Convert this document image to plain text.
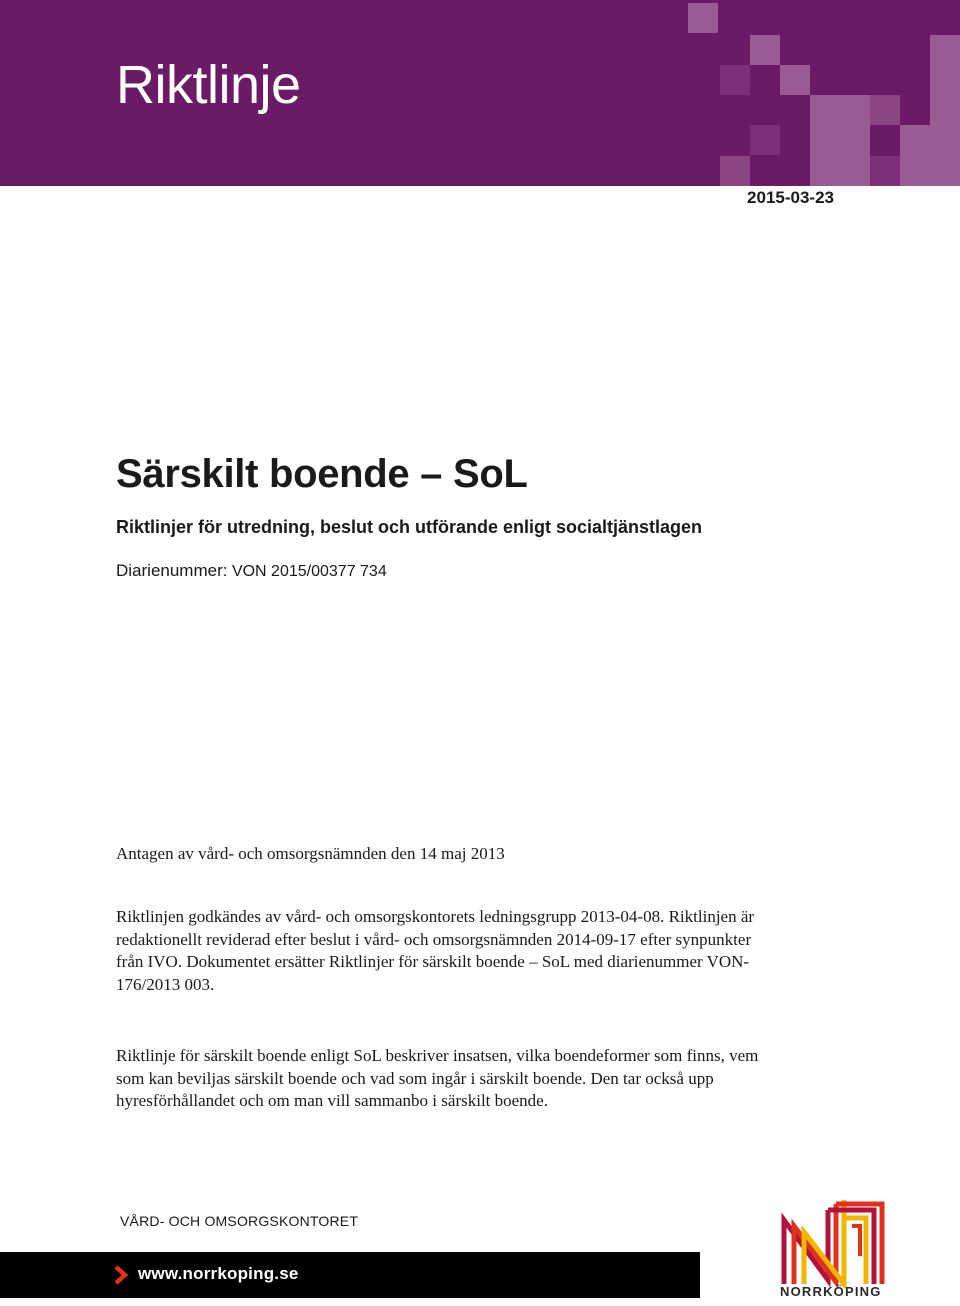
Riktlinje
2015-03-23
Särskilt boende – SoL
Riktlinjer för utredning, beslut och utförande enligt socialtjänstlagen
Diarienummer: VON 2015/00377 734
Antagen av vård- och omsorgsnämnden den 14 maj 2013

Riktlinjen godkändes av vård- och omsorgskontorets ledningsgrupp 2013-04-08. Riktlinjen är redaktionellt reviderad efter beslut i vård- och omsorgsnämnden 2014-09-17 efter synpunkter från IVO. Dokumentet ersätter Riktlinjer för särskilt boende – SoL med diarienummer VON-176/2013 003.

Riktlinje för särskilt boende enligt SoL beskriver insatsen, vilka boendeformer som finns, vem som kan beviljas särskilt boende och vad som ingår i särskilt boende. Den tar också upp hyresförhållandet och om man vill sammanbo i särskilt boende.

VÅRD- OCH OMSORGSKONTORET
www.norrkoping.se
NORRKÖPING
